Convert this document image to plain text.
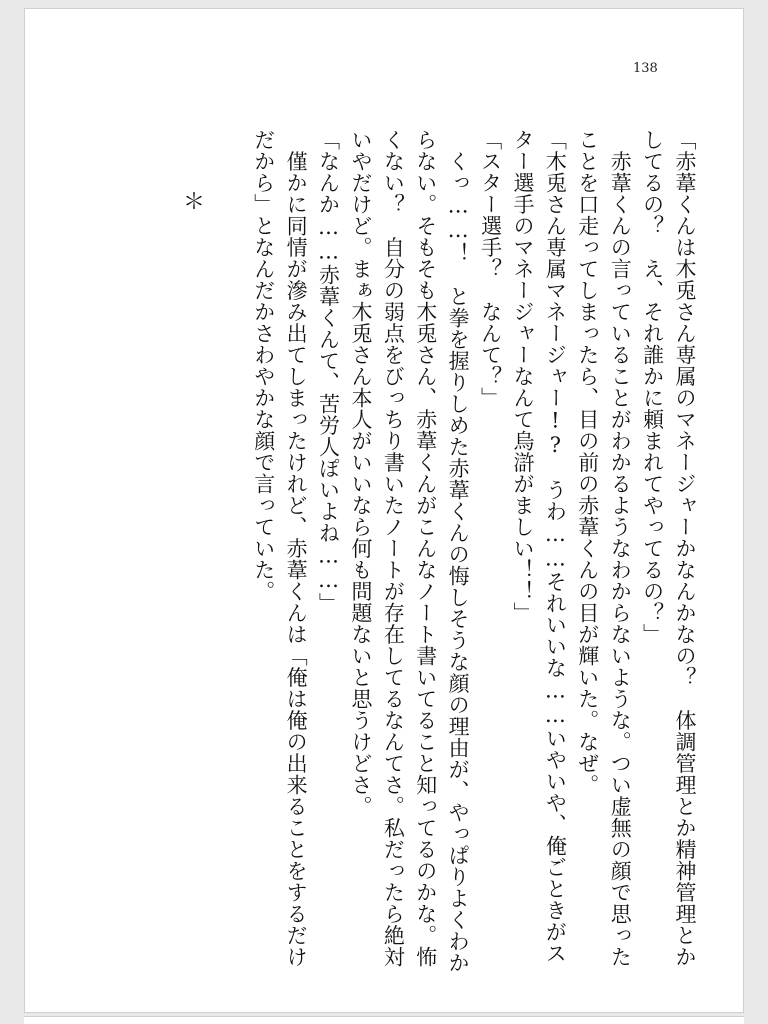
138

「赤葦くんは木兎さん専属のマネージャーかなんかなの？　体調管理とか精神管理とかしてるの？　え、それ誰かに頼まれてやってるの？」

　赤葦くんの言っていることがわかるようなわからないような。つい虚無の顔で思ったことを口走ってしまったら、目の前の赤葦くんの目が輝いた。なぜ。

「木兎さん専属マネージャー!?　うわ……それいいな……いやいや、俺ごときがスター選手のマネージャーなんて烏滸がましい！！」

「スター選手？　なんて？」

　くっ……！　と拳を握りしめた赤葦くんの悔しそうな顔の理由が、やっぱりよくわからない。そもそも木兎さん、赤葦くんがこんなノート書いてること知ってるのかな。怖くない？　自分の弱点をびっちり書いたノートが存在してるなんてさ。私だったら絶対いやだけど。まぁ木兎さん本人がいいなら何も問題ないと思うけどさ。

「なんか……赤葦くんて、苦労人ぽいよね……」

　僅かに同情が滲み出てしまったけれど、赤葦くんは「俺は俺の出来ることをするだけだから」となんだかさわやかな顔で言っていた。

＊
